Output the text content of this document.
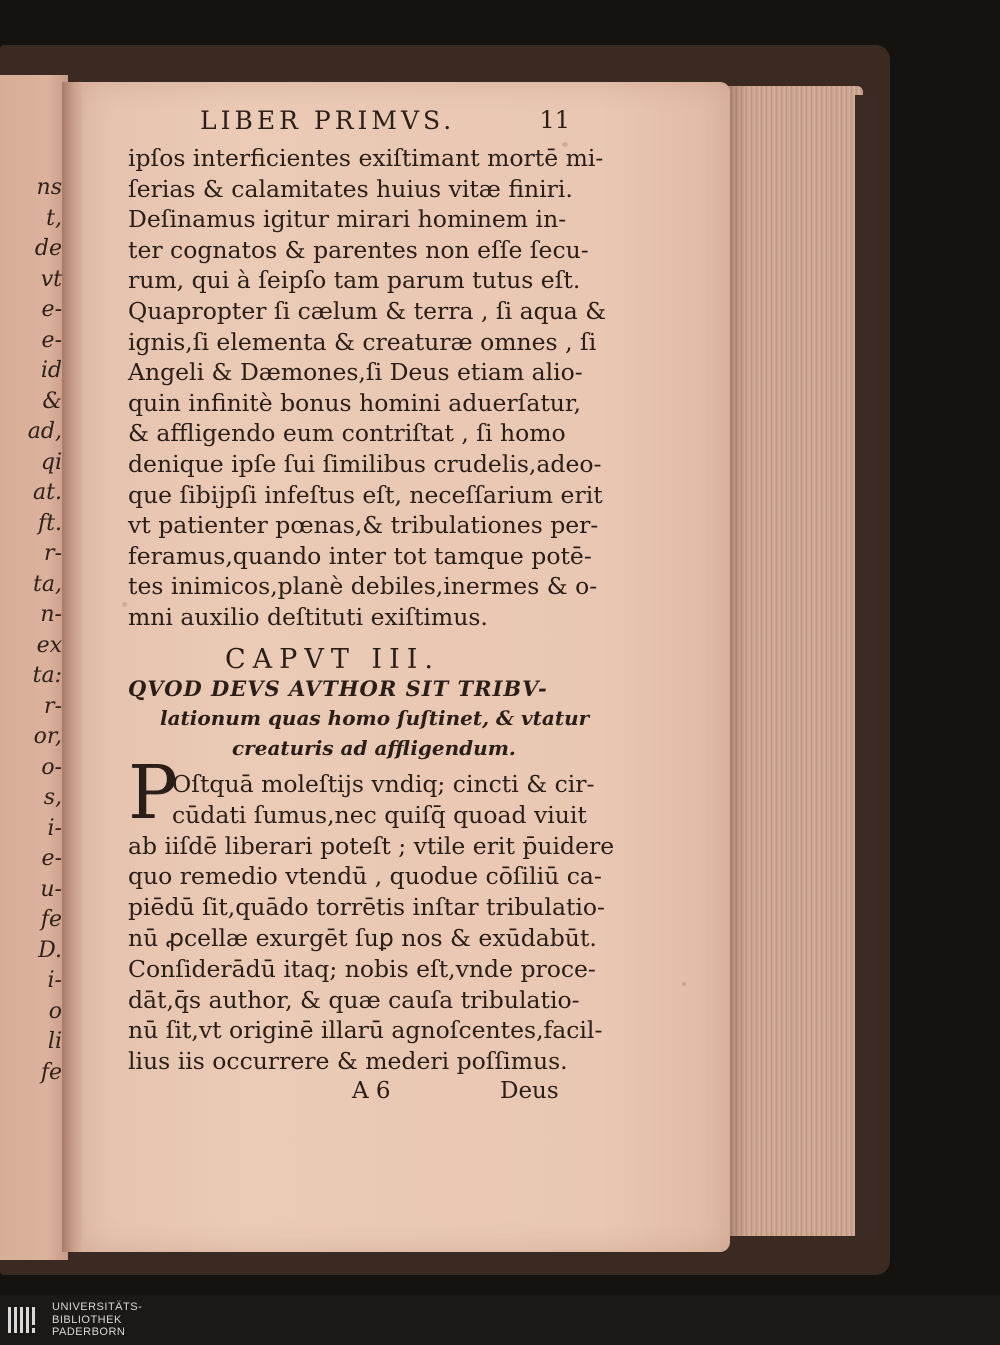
ns
t,
de
vt
e-
e-
id
&
ad,
qi
at.
ft.
r-
ta,
n-
ex
ta:
r-
or,
o-
s,
i-
e-
u-
fe
D.
i-
o
li
fe
LIBER PRIMVS.	11
ipſos interficientes exiſtimant mortē mi-
ſerias & calamitates huius vitæ finiri.
Deſinamus igitur mirari hominem in-
ter cognatos & parentes non eſſe ſecu-
rum, qui à ſeipſo tam parum tutus eſt.
Quapropter ſi cælum & terra , ſi aqua &
ignis,ſi elementa & creaturæ omnes , ſi
Angeli & Dæmones,ſi Deus etiam alio-
quin infinitè bonus homini aduerſatur,
& affligendo eum contriſtat , ſi homo
denique ipſe ſui ſimilibus crudelis,adeo-
que ſibijpſi infeſtus eſt, neceſſarium erit
vt patienter pœnas,& tribulationes per-
feramus,quando inter tot tamque potē-
tes inimicos,planè debiles,inermes & o-
mni auxilio deſtituti exiſtimus.
CAPVT III.
QVOD DEVS AVTHOR SIT TRIBV-
lationum quas homo ſuſtinet, & vtatur
creaturis ad affligendum.
P
Oſtquā moleſtijs vndiq; cincti & cir-
cūdati ſumus,nec quiſq̄ quoad viuit
ab iiſdē liberari poteſt ; vtile erit p̄uidere
quo remedio vtendū , quodue cōſiliū ca-
piēdū ſit,quādo torrētis inſtar tribulatio-
nū ꝓcellæ exurgēt ſuꝑ nos & exūdabūt.
Conſiderādū itaq; nobis eſt,vnde proce-
dāt,q̄s author, & quæ cauſa tribulatio-
nū ſit,vt originē illarū agnoſcentes,facil-
lius iis occurrere & mederi poſſimus.
A 6	Deus
UNIVERSITÄTS-
BIBLIOTHEK
PADERBORN
